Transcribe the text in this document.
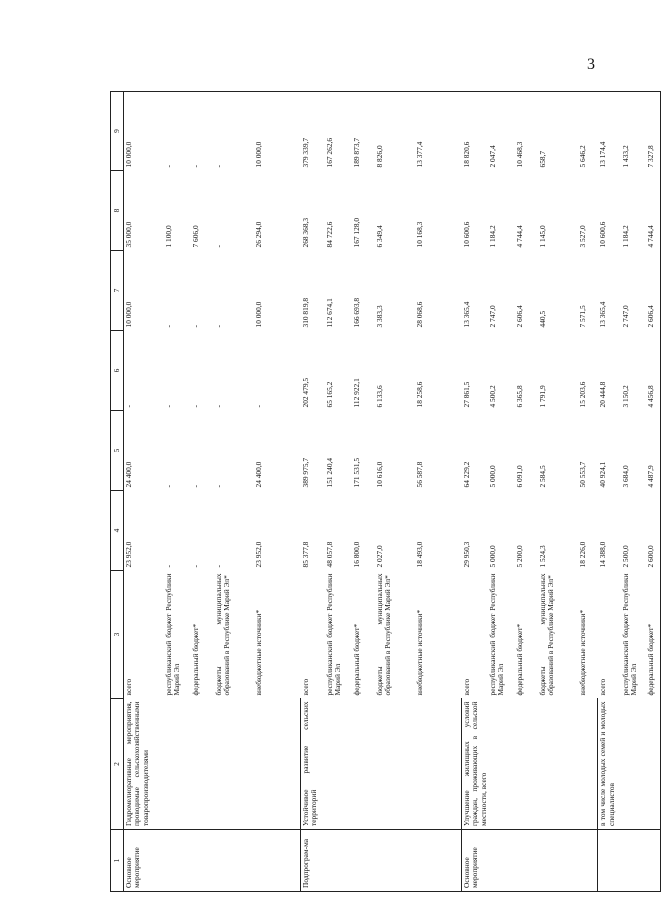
3
1	2	3	4	5	6	7	8	9
Основное мероприятие	Гидромелиоративные мероприятия, проводимые сельскохозяйственными товаропроизводителями	всего	23 952,0	24 400,0	-	10 000,0	35 000,0	10 000,0
		республиканский бюджет Республики Марий Эл	-	-	-	-	1 100,0	-
		федеральный бюджет*	-	-	-	-	7 606,0	-
		бюджеты муниципальных образований в Республике Марий Эл*	-	-	-	-	-	-
		внебюджетные источники*	23 952,0	24 400,0	-	10 000,0	26 294,0	10 000,0
Подпрограм-ма	Устойчивое развитие сельских территорий	всего	85 377,8	389 975,7	202 479,5	310 819,8	268 368,3	379 339,7
		республиканский бюджет Республики Марий Эл	48 057,8	151 240,4	65 165,2	112 674,1	84 722,6	167 262,6
		федеральный бюджет*	16 800,0	171 531,5	112 922,1	166 693,8	167 128,0	189 873,7
		бюджеты муниципальных образований в Республике Марий Эл*	2 027,0	10 616,0	6 133,6	3 383,3	6 349,4	8 826,0
		внебюджетные источники*	18 493,0	56 587,8	18 258,6	28 068,6	10 168,3	13 377,4
Основное мероприятие	Улучшение жилищных условий граждан, проживающих в сельской местности, всего	всего	29 950,3	64 229,2	27 861,5	13 365,4	10 600,6	18 820,6
		республиканский бюджет Республики Марий Эл	5 000,0	5 000,0	4 500,2	2 747,0	1 184,2	2 047,4
		федеральный бюджет*	5 200,0	6 091,0	6 365,8	2 606,4	4 744,4	10 468,3
		бюджеты муниципальных образований в Республике Марий Эл*	1 524,3	2 584,5	1 791,9	440,5	1 145,0	658,7
		внебюджетные источники*	18 226,0	50 553,7	15 203,6	7 571,5	3 527,0	5 646,2
	в том числе молодых семей и молодых специалистов	всего	14 388,0	40 924,1	20 444,8	13 365,4	10 600,6	13 174,4
		республиканский бюджет Республики Марий Эл	2 500,0	3 684,0	3 150,2	2 747,0	1 184,2	1 433,2
		федеральный бюджет*	2 600,0	4 487,9	4 456,8	2 606,4	4 744,4	7 327,8
